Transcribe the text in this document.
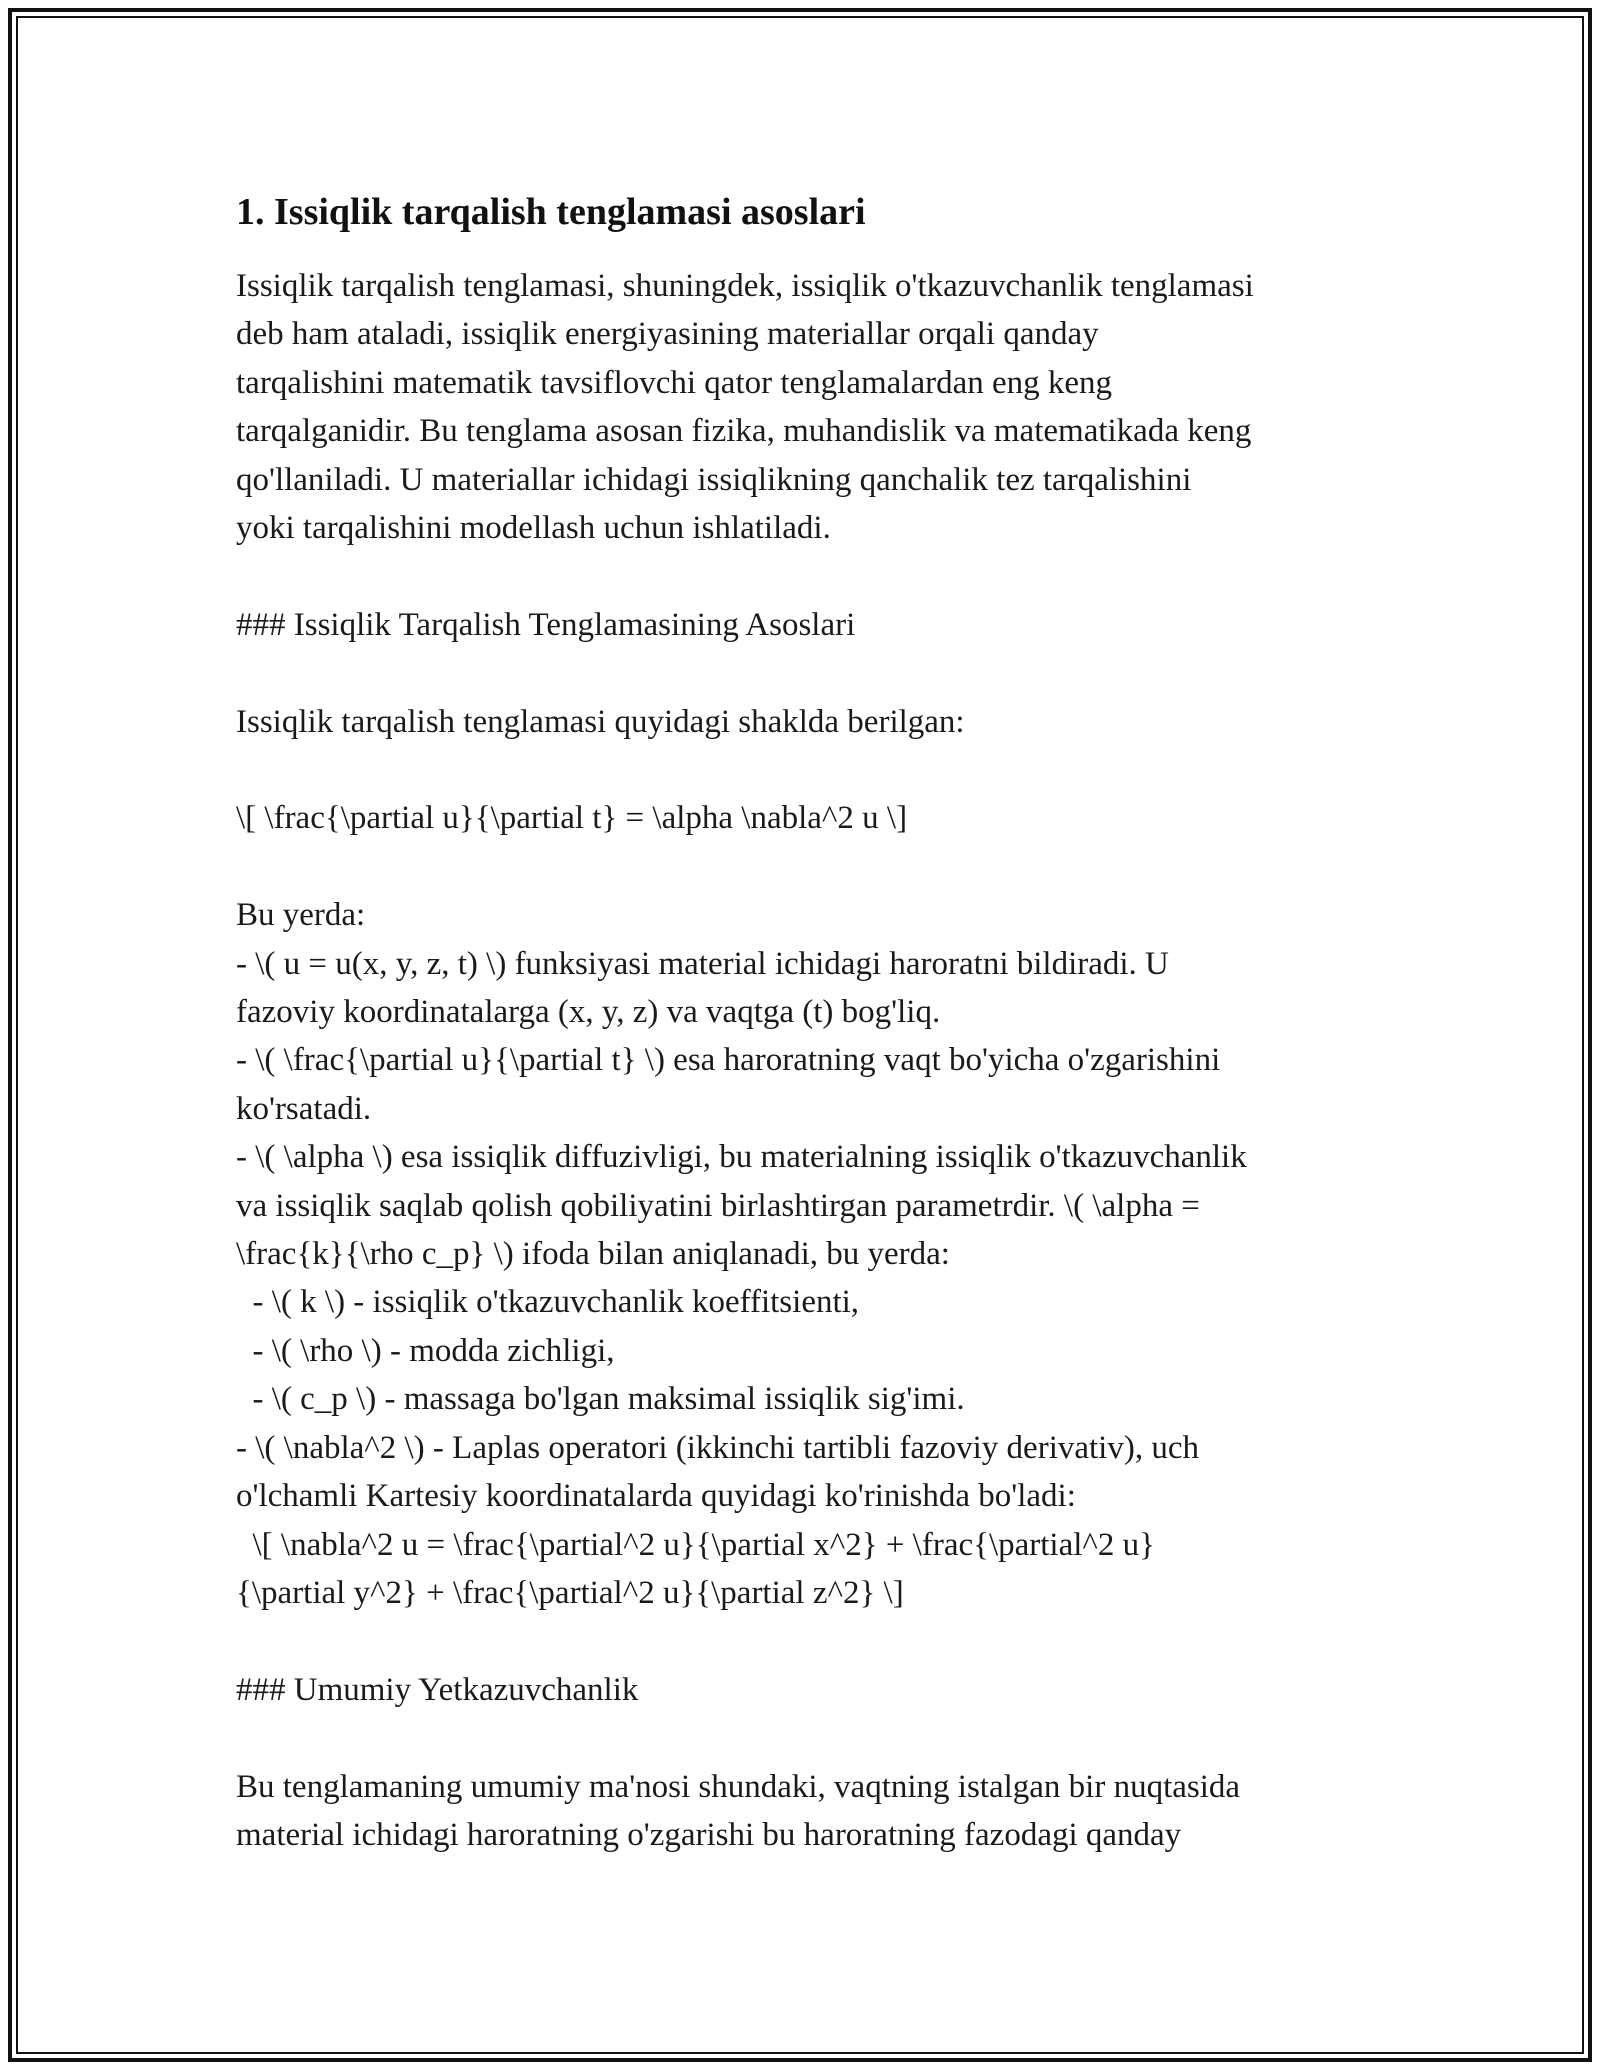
1. Issiqlik tarqalish tenglamasi asoslari
Issiqlik tarqalish tenglamasi, shuningdek, issiqlik o'tkazuvchanlik tenglamasi
deb ham ataladi, issiqlik energiyasining materiallar orqali qanday
tarqalishini matematik tavsiflovchi qator tenglamalardan eng keng
tarqalganidir. Bu tenglama asosan fizika, muhandislik va matematikada keng
qo'llaniladi. U materiallar ichidagi issiqlikning qanchalik tez tarqalishini
yoki tarqalishini modellash uchun ishlatiladi.
### Issiqlik Tarqalish Tenglamasining Asoslari
Issiqlik tarqalish tenglamasi quyidagi shaklda berilgan:
\[ \frac{\partial u}{\partial t} = \alpha \nabla^2 u \]
Bu yerda:
- \( u = u(x, y, z, t) \) funksiyasi material ichidagi haroratni bildiradi. U
fazoviy koordinatalarga (x, y, z) va vaqtga (t) bog'liq.
- \( \frac{\partial u}{\partial t} \) esa haroratning vaqt bo'yicha o'zgarishini
ko'rsatadi.
- \( \alpha \) esa issiqlik diffuzivligi, bu materialning issiqlik o'tkazuvchanlik
va issiqlik saqlab qolish qobiliyatini birlashtirgan parametrdir. \( \alpha =
\frac{k}{\rho c_p} \) ifoda bilan aniqlanadi, bu yerda:
- \( k \) - issiqlik o'tkazuvchanlik koeffitsienti,
- \( \rho \) - modda zichligi,
- \( c_p \) - massaga bo'lgan maksimal issiqlik sig'imi.
- \( \nabla^2 \) - Laplas operatori (ikkinchi tartibli fazoviy derivativ), uch
o'lchamli Kartesiy koordinatalarda quyidagi ko'rinishda bo'ladi:
\[ \nabla^2 u = \frac{\partial^2 u}{\partial x^2} + \frac{\partial^2 u}
{\partial y^2} + \frac{\partial^2 u}{\partial z^2} \]
### Umumiy Yetkazuvchanlik
Bu tenglamaning umumiy ma'nosi shundaki, vaqtning istalgan bir nuqtasida
material ichidagi haroratning o'zgarishi bu haroratning fazodagi qanday
